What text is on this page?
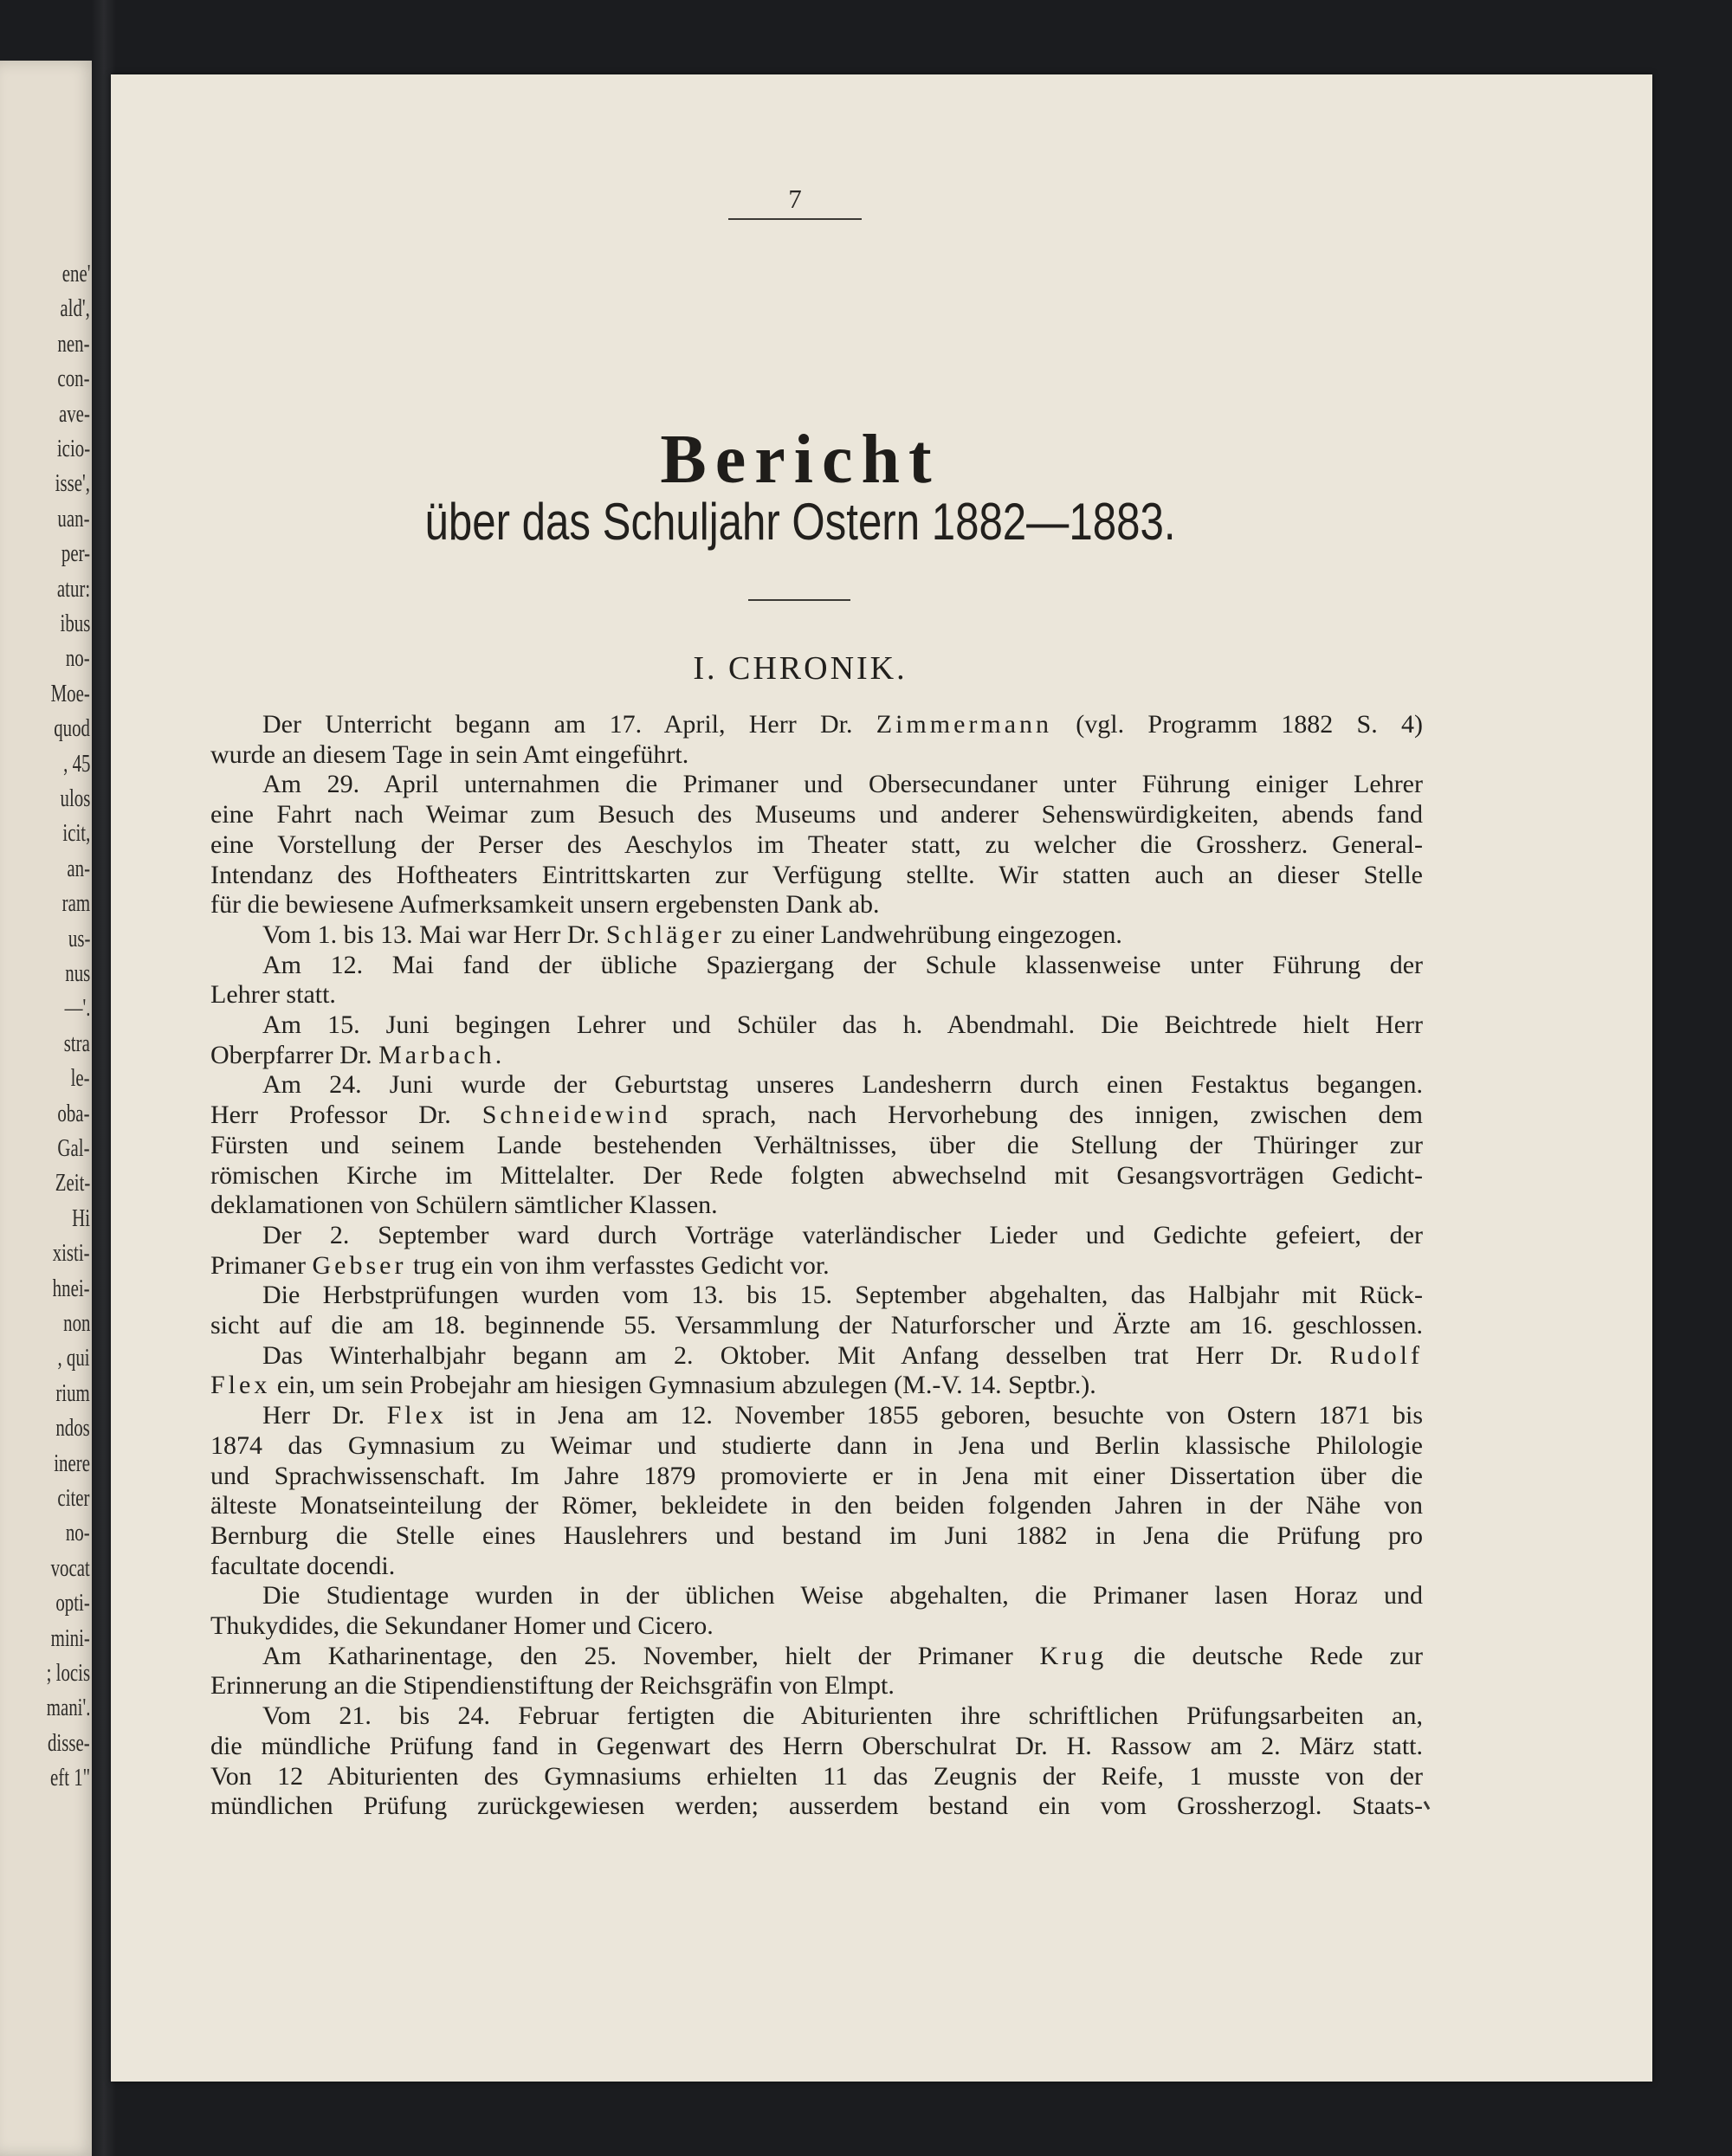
ene'
ald',
nen-
con-
ave-
icio-
isse',
uan-
per-
atur:
ibus
no-
Moe-
quod
, 45
ulos
icit,
an-
ram
us-
nus
—'.
stra
le-
oba-
Gal-
Zeit-
Hi
xisti-
hnei-
non
, qui
rium
ndos
inere
citer
no-
vocat
opti-
mini-
; locis
mani'.
disse-
eft 1"
7
Bericht
über das Schuljahr Ostern 1882—1883.
I. CHRONIK.
Der Unterricht begann am 17. April, Herr Dr. Zimmermann (vgl. Programm 1882 S. 4)
wurde an diesem Tage in sein Amt eingeführt.
Am 29. April unternahmen die Primaner und Obersecundaner unter Führung einiger Lehrer
eine Fahrt nach Weimar zum Besuch des Museums und anderer Sehenswürdigkeiten, abends fand
eine Vorstellung der Perser des Aeschylos im Theater statt, zu welcher die Grossherz. General-
Intendanz des Hoftheaters Eintrittskarten zur Verfügung stellte. Wir statten auch an dieser Stelle
für die bewiesene Aufmerksamkeit unsern ergebensten Dank ab.
Vom 1. bis 13. Mai war Herr Dr. Schläger zu einer Landwehrübung eingezogen.
Am 12. Mai fand der übliche Spaziergang der Schule klassenweise unter Führung der
Lehrer statt.
Am 15. Juni begingen Lehrer und Schüler das h. Abendmahl. Die Beichtrede hielt Herr
Oberpfarrer Dr. Marbach.
Am 24. Juni wurde der Geburtstag unseres Landesherrn durch einen Festaktus begangen.
Herr Professor Dr. Schneidewind sprach, nach Hervorhebung des innigen, zwischen dem
Fürsten und seinem Lande bestehenden Verhältnisses, über die Stellung der Thüringer zur
römischen Kirche im Mittelalter. Der Rede folgten abwechselnd mit Gesangsvorträgen Gedicht-
deklamationen von Schülern sämtlicher Klassen.
Der 2. September ward durch Vorträge vaterländischer Lieder und Gedichte gefeiert, der
Primaner Gebser trug ein von ihm verfasstes Gedicht vor.
Die Herbstprüfungen wurden vom 13. bis 15. September abgehalten, das Halbjahr mit Rück-
sicht auf die am 18. beginnende 55. Versammlung der Naturforscher und Ärzte am 16. geschlossen.
Das Winterhalbjahr begann am 2. Oktober. Mit Anfang desselben trat Herr Dr. Rudolf
Flex ein, um sein Probejahr am hiesigen Gymnasium abzulegen (M.-V. 14. Septbr.).
Herr Dr. Flex ist in Jena am 12. November 1855 geboren, besuchte von Ostern 1871 bis
1874 das Gymnasium zu Weimar und studierte dann in Jena und Berlin klassische Philologie
und Sprachwissenschaft. Im Jahre 1879 promovierte er in Jena mit einer Dissertation über die
älteste Monatseinteilung der Römer, bekleidete in den beiden folgenden Jahren in der Nähe von
Bernburg die Stelle eines Hauslehrers und bestand im Juni 1882 in Jena die Prüfung pro
facultate docendi.
Die Studientage wurden in der üblichen Weise abgehalten, die Primaner lasen Horaz und
Thukydides, die Sekundaner Homer und Cicero.
Am Katharinentage, den 25. November, hielt der Primaner Krug die deutsche Rede zur
Erinnerung an die Stipendienstiftung der Reichsgräfin von Elmpt.
Vom 21. bis 24. Februar fertigten die Abiturienten ihre schriftlichen Prüfungsarbeiten an,
die mündliche Prüfung fand in Gegenwart des Herrn Oberschulrat Dr. H. Rassow am 2. März statt.
Von 12 Abiturienten des Gymnasiums erhielten 11 das Zeugnis der Reife, 1 musste von der
mündlichen Prüfung zurückgewiesen werden; ausserdem bestand ein vom Grossherzogl. Staats-
